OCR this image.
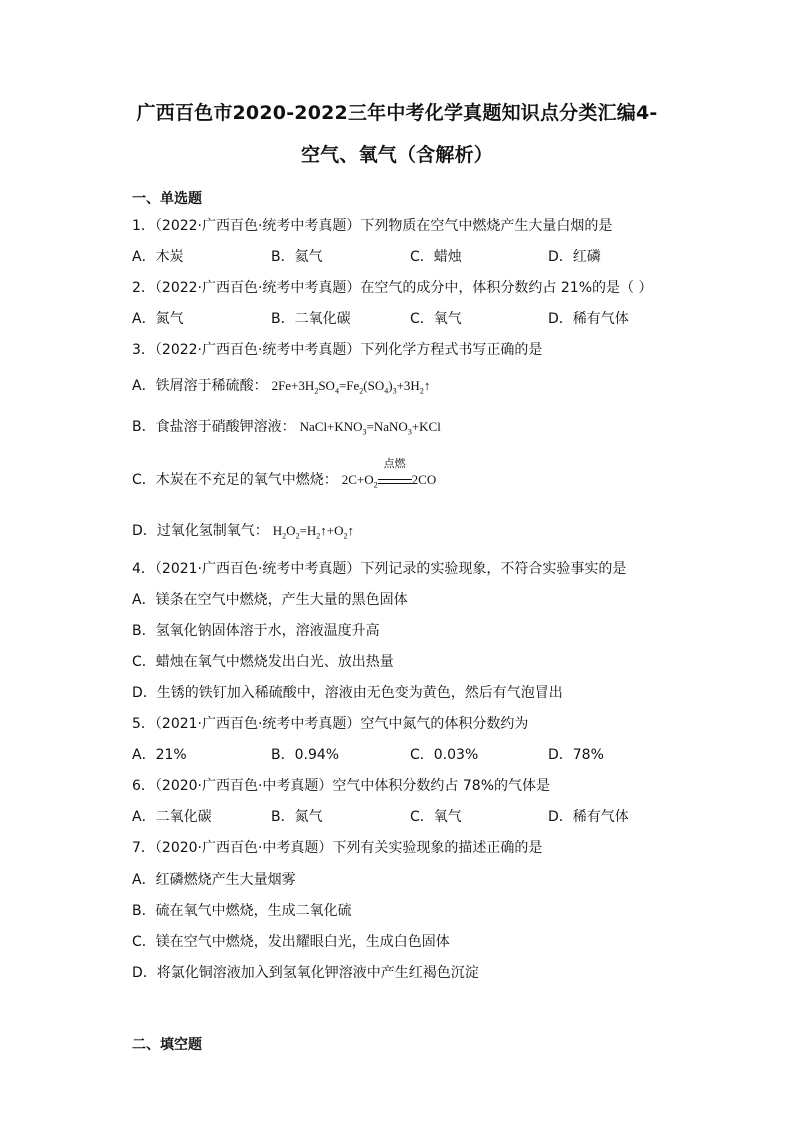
广西百色市2020-2022三年中考化学真题知识点分类汇编4-
空气、氧气（含解析）
一、单选题
1．（2022·广西百色·统考中考真题）下列物质在空气中燃烧产生大量白烟的是
A．木炭	B．氦气	C．蜡烛	D．红磷
2．（2022·广西百色·统考中考真题）在空气的成分中，体积分数约占 21%的是（ ）
A．氮气	B．二氧化碳	C．氧气	D．稀有气体
3．（2022·广西百色·统考中考真题）下列化学方程式书写正确的是
A．铁屑溶于稀硫酸： $2Fe+3H_2SO_4=Fe_2(SO_4)_3+3H_2↑$
B．食盐溶于硝酸钾溶液： $NaCl+KNO_3=NaNO_3+KCl$
C．木炭在不充足的氧气中燃烧： $2C+O_2$
点燃
2CO
D．过氧化氢制氧气： $H_2O_2=H_2↑+O_2↑$
4．（2021·广西百色·统考中考真题）下列记录的实验现象，不符合实验事实的是
A．镁条在空气中燃烧，产生大量的黑色固体
B．氢氧化钠固体溶于水，溶液温度升高
C．蜡烛在氧气中燃烧发出白光、放出热量
D．生锈的铁钉加入稀硫酸中，溶液由无色变为黄色，然后有气泡冒出
5．（2021·广西百色·统考中考真题）空气中氮气的体积分数约为
A．21%	B．0.94%	C．0.03%	D．78%
6．（2020·广西百色·中考真题）空气中体积分数约占 78%的气体是
A．二氧化碳	B．氮气	C．氧气	D．稀有气体
7．（2020·广西百色·中考真题）下列有关实验现象的描述正确的是
A．红磷燃烧产生大量烟雾
B．硫在氧气中燃烧，生成二氧化硫
C．镁在空气中燃烧，发出耀眼白光，生成白色固体
D．将氯化铜溶液加入到氢氧化钾溶液中产生红褐色沉淀
二、填空题
